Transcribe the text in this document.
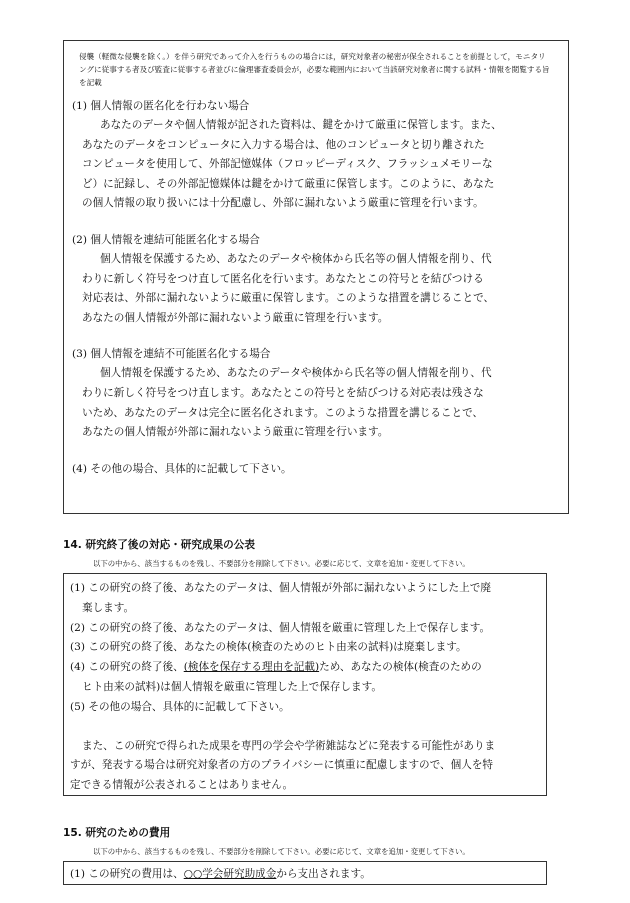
侵襲（軽微な侵襲を除く。）を伴う研究であって介入を行うものの場合には，研究対象者の秘密が保全されることを前提として，モニタリングに従事する者及び監査に従事する者並びに倫理審査委員会が，必要な範囲内において当該研究対象者に関する試料・情報を閲覧する旨を記載
(1) 個人情報の匿名化を行わない場合
あなたのデータや個人情報が記された資料は、鍵をかけて厳重に保管します。また、
あなたのデータをコンピュータに入力する場合は、他のコンピュータと切り離された
コンピュータを使用して、外部記憶媒体（フロッピーディスク、フラッシュメモリーな
ど）に記録し、その外部記憶媒体は鍵をかけて厳重に保管します。このように、あなた
の個人情報の取り扱いには十分配慮し、外部に漏れないよう厳重に管理を行います。
(2) 個人情報を連結可能匿名化する場合
個人情報を保護するため、あなたのデータや検体から氏名等の個人情報を削り、代
わりに新しく符号をつけ直して匿名化を行います。あなたとこの符号とを結びつける
対応表は、外部に漏れないように厳重に保管します。このような措置を講じることで、
あなたの個人情報が外部に漏れないよう厳重に管理を行います。
(3) 個人情報を連結不可能匿名化する場合
個人情報を保護するため、あなたのデータや検体から氏名等の個人情報を削り、代
わりに新しく符号をつけ直します。あなたとこの符号とを結びつける対応表は残さな
いため、あなたのデータは完全に匿名化されます。このような措置を講じることで、
あなたの個人情報が外部に漏れないよう厳重に管理を行います。
(4) その他の場合、具体的に記載して下さい。
14. 研究終了後の対応・研究成果の公表
以下の中から、該当するものを残し、不要部分を削除して下さい。必要に応じて、文章を追加・変更して下さい。
(1) この研究の終了後、あなたのデータは、個人情報が外部に漏れないようにした上で廃
棄します。
(2) この研究の終了後、あなたのデータは、個人情報を厳重に管理した上で保存します。
(3) この研究の終了後、あなたの検体(検査のためのヒト由来の試料)は廃棄します。
(4) この研究の終了後、(検体を保存する理由を記載)ため、あなたの検体(検査のための
ヒト由来の試料)は個人情報を厳重に管理した上で保存します。
(5) その他の場合、具体的に記載して下さい。
また、この研究で得られた成果を専門の学会や学術雑誌などに発表する可能性がありま
すが、発表する場合は研究対象者の方のプライバシーに慎重に配慮しますので、個人を特
定できる情報が公表されることはありません。
15. 研究のための費用
以下の中から、該当するものを残し、不要部分を削除して下さい。必要に応じて、文章を追加・変更して下さい。
(1) この研究の費用は、○○学会研究助成金から支出されます。
